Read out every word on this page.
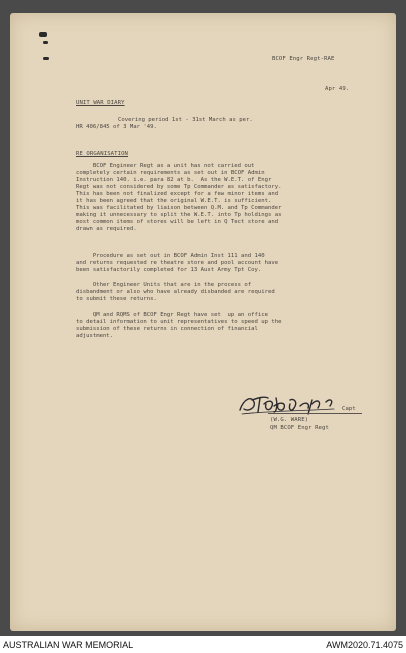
BCOF Engr Regt-RAE
Apr 49.
UNIT WAR DIARY
Covering period 1st - 31st March as per.
HR 406/845 of 3 Mar '49.
RE ORGANISATION
BCOF Engineer Regt as a unit has not carried out
completely certain requirements as set out in BCOF Admin
Instruction 140. i.e. para 82 at b.  As the W.E.T. of Engr
Regt was not considered by some Tp Commander as satisfactory.
This has been not finalized except for a few minor items and
it has been agreed that the original W.E.T. is sufficient.
This was facilitated by liaison between Q.M. and Tp Commander
making it unnecessary to split the W.E.T. into Tp holdings as
most common items of stores will be left in Q Tect store and
drawn as required.
Procedure as set out in BCOF Admin Inst 111 and 140
and returns requested re theatre store and pool account have
been satisfactorily completed for 13 Aust Army Tpt Coy.
Other Engineer Units that are in the process of
disbandment or also who have already disbanded are required
to submit these returns.
QM and RQMS of BCOF Engr Regt have set  up an office
to detail information to unit representatives to speed up the
submission of these returns in connection of financial
adjustment.
Capt
(W.G. WARE)
QM BCOF Engr Regt
AUSTRALIAN WAR MEMORIAL	AWM2020.71.4075
